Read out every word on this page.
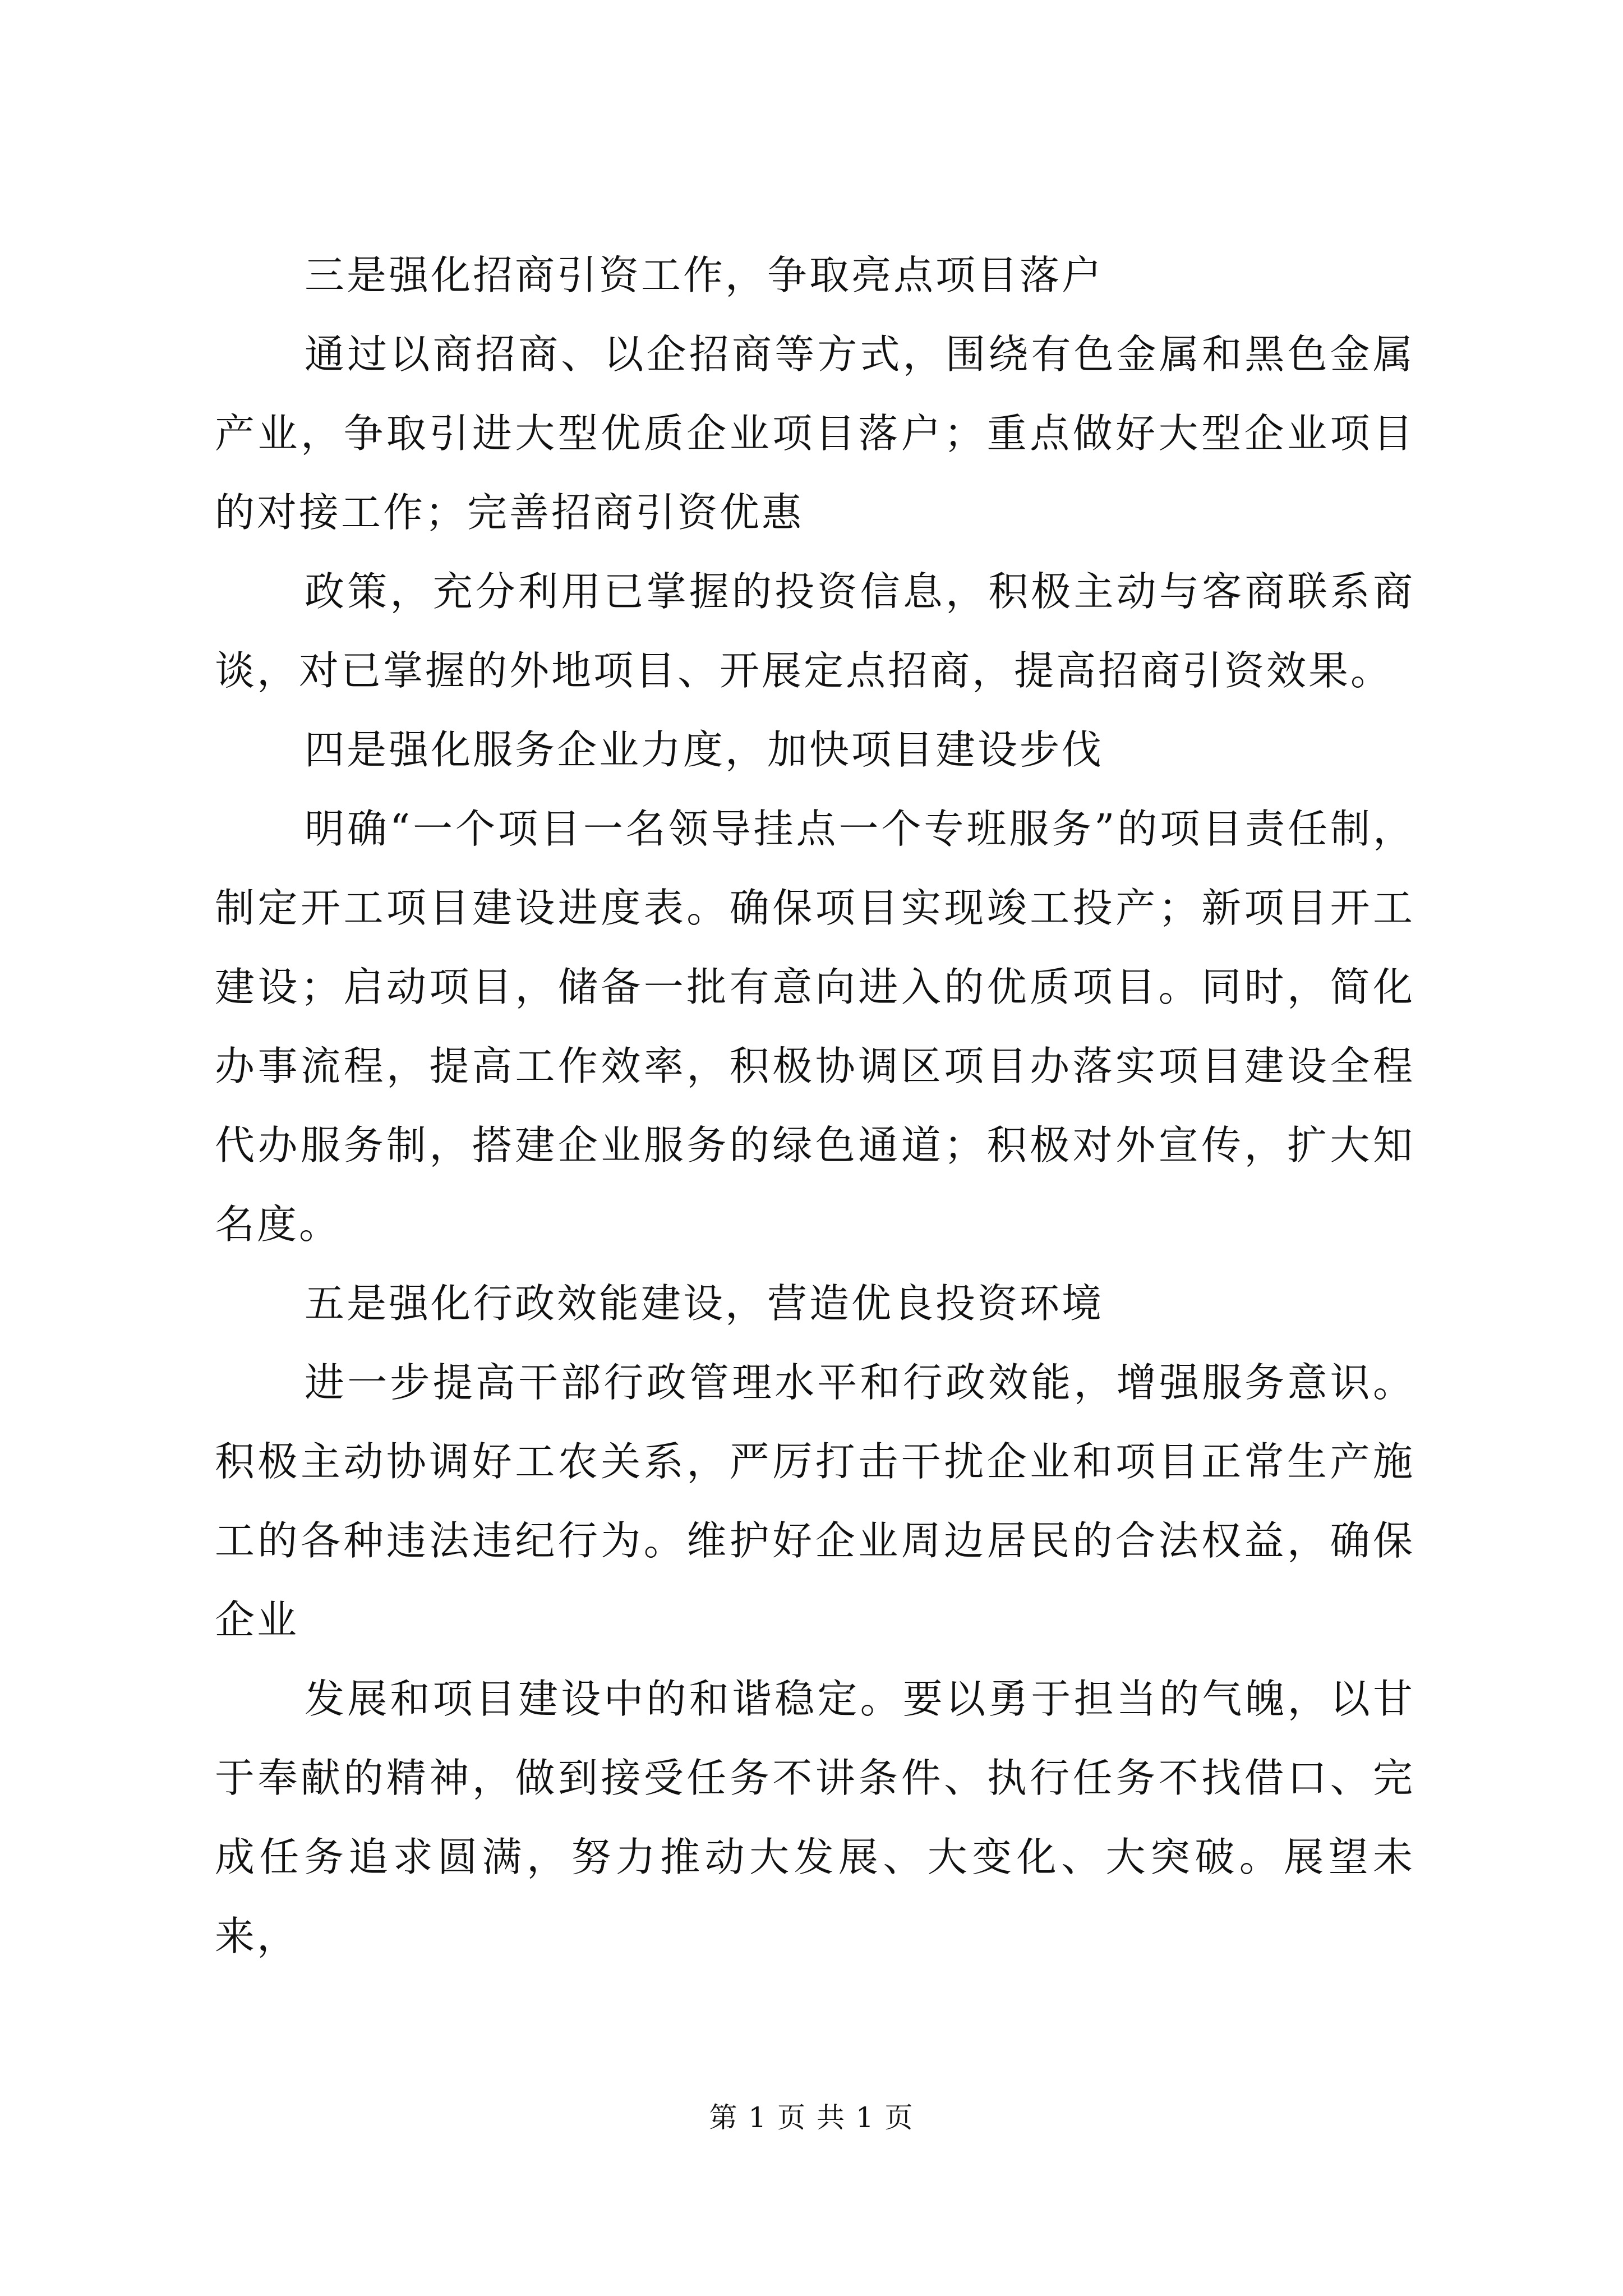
三是强化招商引资工作，争取亮点项目落户

通过以商招商、以企招商等方式，围绕有色金属和黑色金属产业，争取引进大型优质企业项目落户；重点做好大型企业项目的对接工作；完善招商引资优惠

政策，充分利用已掌握的投资信息，积极主动与客商联系商谈，对已掌握的外地项目、开展定点招商，提高招商引资效果。

四是强化服务企业力度，加快项目建设步伐

明确“一个项目一名领导挂点一个专班服务”的项目责任制，制定开工项目建设进度表。确保项目实现竣工投产；新项目开工建设；启动项目，储备一批有意向进入的优质项目。同时，简化办事流程，提高工作效率，积极协调区项目办落实项目建设全程代办服务制，搭建企业服务的绿色通道；积极对外宣传，扩大知名度。

五是强化行政效能建设，营造优良投资环境

进一步提高干部行政管理水平和行政效能，增强服务意识。积极主动协调好工农关系，严厉打击干扰企业和项目正常生产施工的各种违法违纪行为。维护好企业周边居民的合法权益，确保企业

发展和项目建设中的和谐稳定。要以勇于担当的气魄，以甘于奉献的精神，做到接受任务不讲条件、执行任务不找借口、完成任务追求圆满，努力推动大发展、大变化、大突破。展望未来，

第 1 页 共 1 页
